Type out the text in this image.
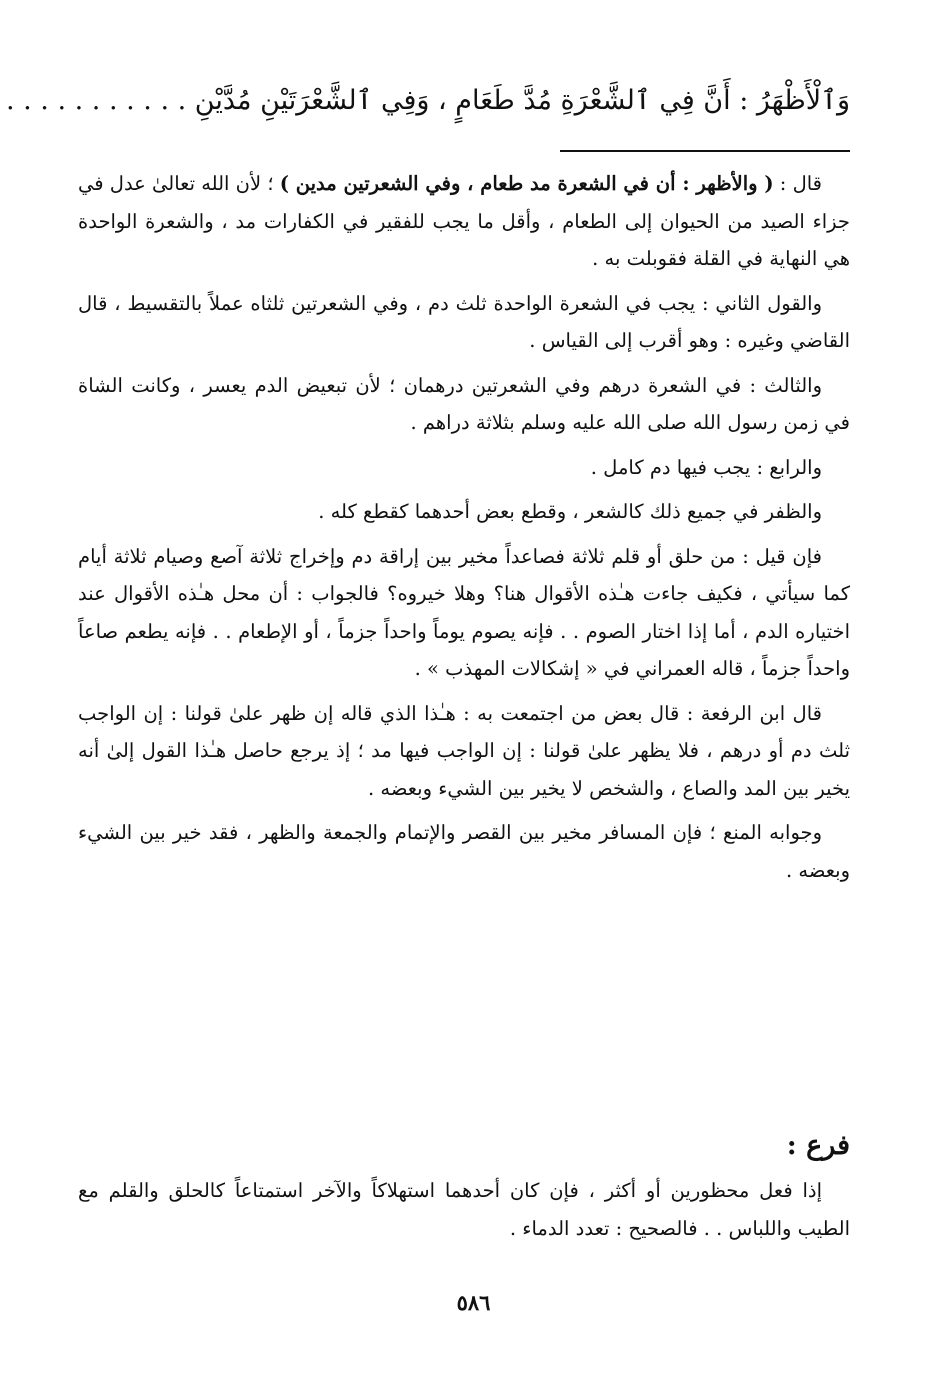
وَٱلْأَظْهَرُ : أَنَّ فِي ٱلشَّعْرَةِ مُدَّ طَعَامٍ ، وَفِي ٱلشَّعْرَتَيْنِ مُدَّيْنِ . . . . . . . . . . .

قال : ( والأظهر : أن في الشعرة مد طعام ، وفي الشعرتين مدين ) ؛ لأن الله تعالىٰ عدل في جزاء الصيد من الحيوان إلى الطعام ، وأقل ما يجب للفقير في الكفارات مد ، والشعرة الواحدة هي النهاية في القلة فقوبلت به .

والقول الثاني : يجب في الشعرة الواحدة ثلث دم ، وفي الشعرتين ثلثاه عملاً بالتقسيط ، قال القاضي وغيره : وهو أقرب إلى القياس .

والثالث : في الشعرة درهم وفي الشعرتين درهمان ؛ لأن تبعيض الدم يعسر ، وكانت الشاة في زمن رسول الله صلى الله عليه وسلم بثلاثة دراهم .

والرابع : يجب فيها دم كامل .

والظفر في جميع ذلك كالشعر ، وقطع بعض أحدهما كقطع كله .

فإن قيل : من حلق أو قلم ثلاثة فصاعداً مخير بين إراقة دم وإخراج ثلاثة آصع وصيام ثلاثة أيام كما سيأتي ، فكيف جاءت هـٰذه الأقوال هنا؟ وهلا خيروه؟ فالجواب : أن محل هـٰذه الأقوال عند اختياره الدم ، أما إذا اختار الصوم . . فإنه يصوم يوماً واحداً جزماً ، أو الإطعام . . فإنه يطعم صاعاً واحداً جزماً ، قاله العمراني في « إشكالات المهذب » .

قال ابن الرفعة : قال بعض من اجتمعت به : هـٰذا الذي قاله إن ظهر علىٰ قولنا : إن الواجب ثلث دم أو درهم ، فلا يظهر علىٰ قولنا : إن الواجب فيها مد ؛ إذ يرجع حاصل هـٰذا القول إلىٰ أنه يخير بين المد والصاع ، والشخص لا يخير بين الشيء وبعضه .

وجوابه المنع ؛ فإن المسافر مخير بين القصر والإتمام والجمعة والظهر ، فقد خير بين الشيء وبعضه .

فرع :

إذا فعل محظورين أو أكثر ، فإن كان أحدهما استهلاكاً والآخر استمتاعاً كالحلق والقلم مع الطيب واللباس . . فالصحيح : تعدد الدماء .

٥٨٦
